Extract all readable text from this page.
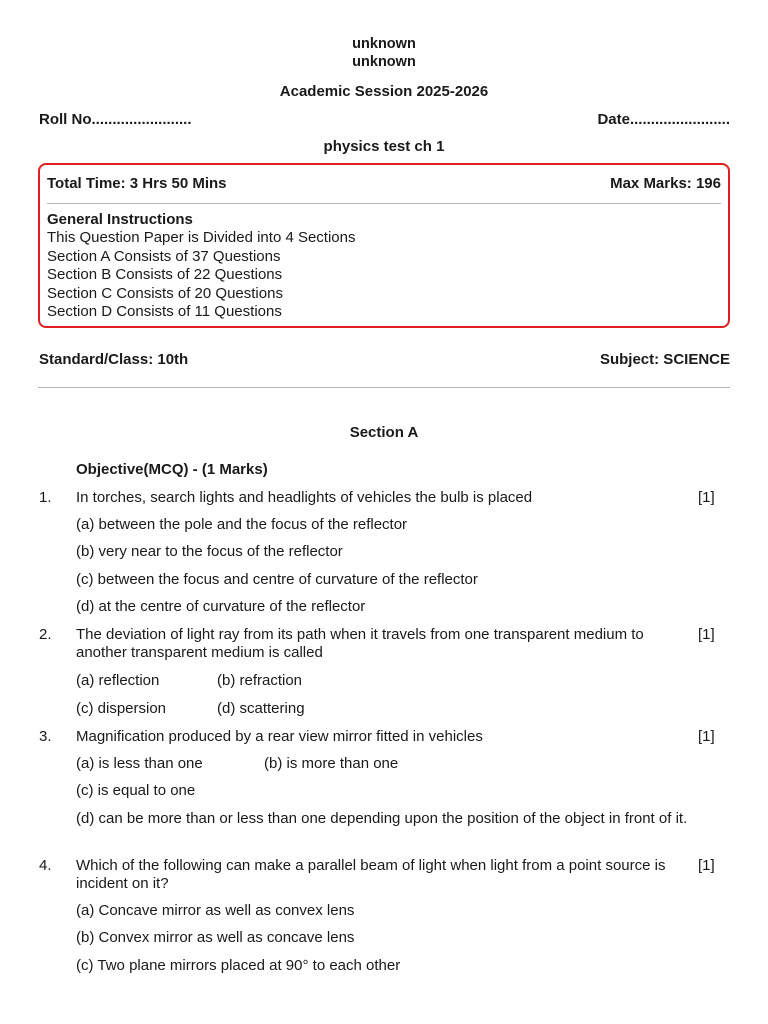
unknown
unknown
Academic Session 2025-2026
Roll No........................	Date........................
physics test ch 1
Total Time: 3 Hrs 50 Mins	Max Marks: 196
General Instructions
This Question Paper is Divided into 4 Sections
Section A Consists of 37 Questions
Section B Consists of 22 Questions
Section C Consists of 20 Questions
Section D Consists of 11 Questions
Standard/Class: 10th	Subject: SCIENCE
Section A
Objective(MCQ) - (1 Marks)
1. In torches, search lights and headlights of vehicles the bulb is placed	[1]
(a) between the pole and the focus of the reflector
(b) very near to the focus of the reflector
(c) between the focus and centre of curvature of the reflector
(d) at the centre of curvature of the reflector
2. The deviation of light ray from its path when it travels from one transparent medium to another transparent medium is called
[1]
(a) reflection	(b) refraction
(c) dispersion	(d) scattering
3. Magnification produced by a rear view mirror fitted in vehicles	[1]
(a) is less than one	(b) is more than one
(c) is equal to one
(d) can be more than or less than one depending upon the position of the object in front of it.
4. Which of the following can make a parallel beam of light when light from a point source is incident on it?
[1]
(a) Concave mirror as well as convex lens
(b) Convex mirror as well as concave lens
(c) Two plane mirrors placed at 90° to each other
